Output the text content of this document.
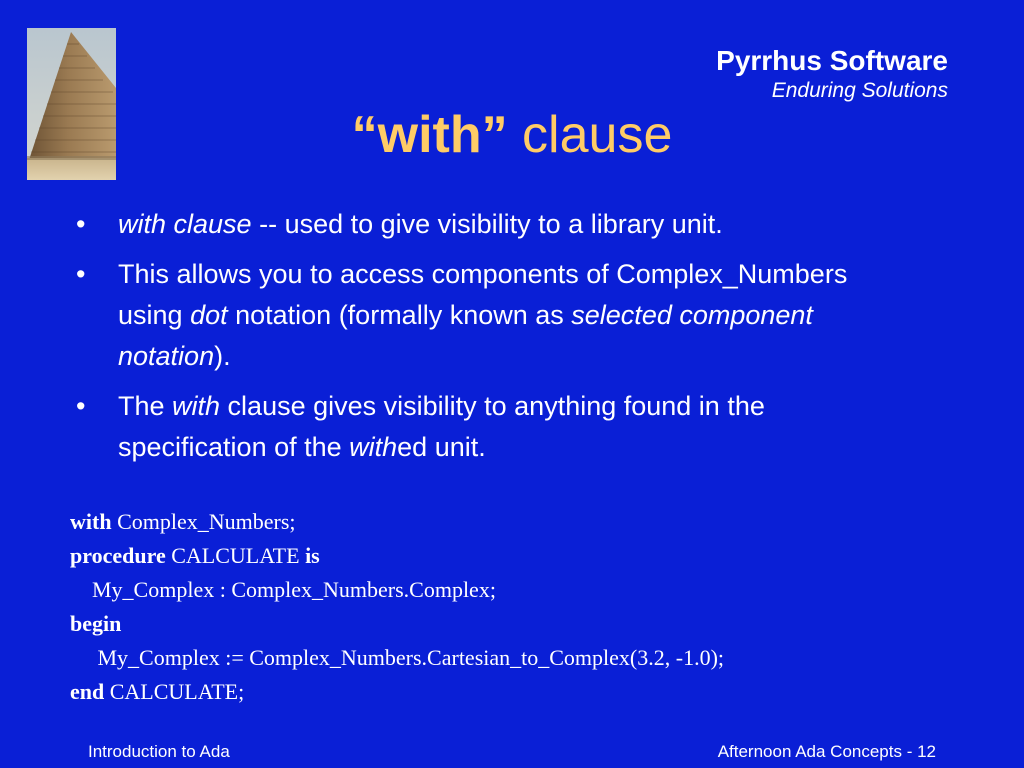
Pyrrhus Software
Enduring Solutions
“with” clause
•	with clause -- used to give visibility to a library unit.
•	This allows you to access components of Complex_Numbers using dot notation (formally known as selected component notation).
•	The with clause gives visibility to anything found in the specification of the withed unit.
with Complex_Numbers;
procedure CALCULATE is
My_Complex : Complex_Numbers.Complex;
begin
My_Complex := Complex_Numbers.Cartesian_to_Complex(3.2, -1.0);
end CALCULATE;
Introduction to Ada	Afternoon Ada Concepts - 12
